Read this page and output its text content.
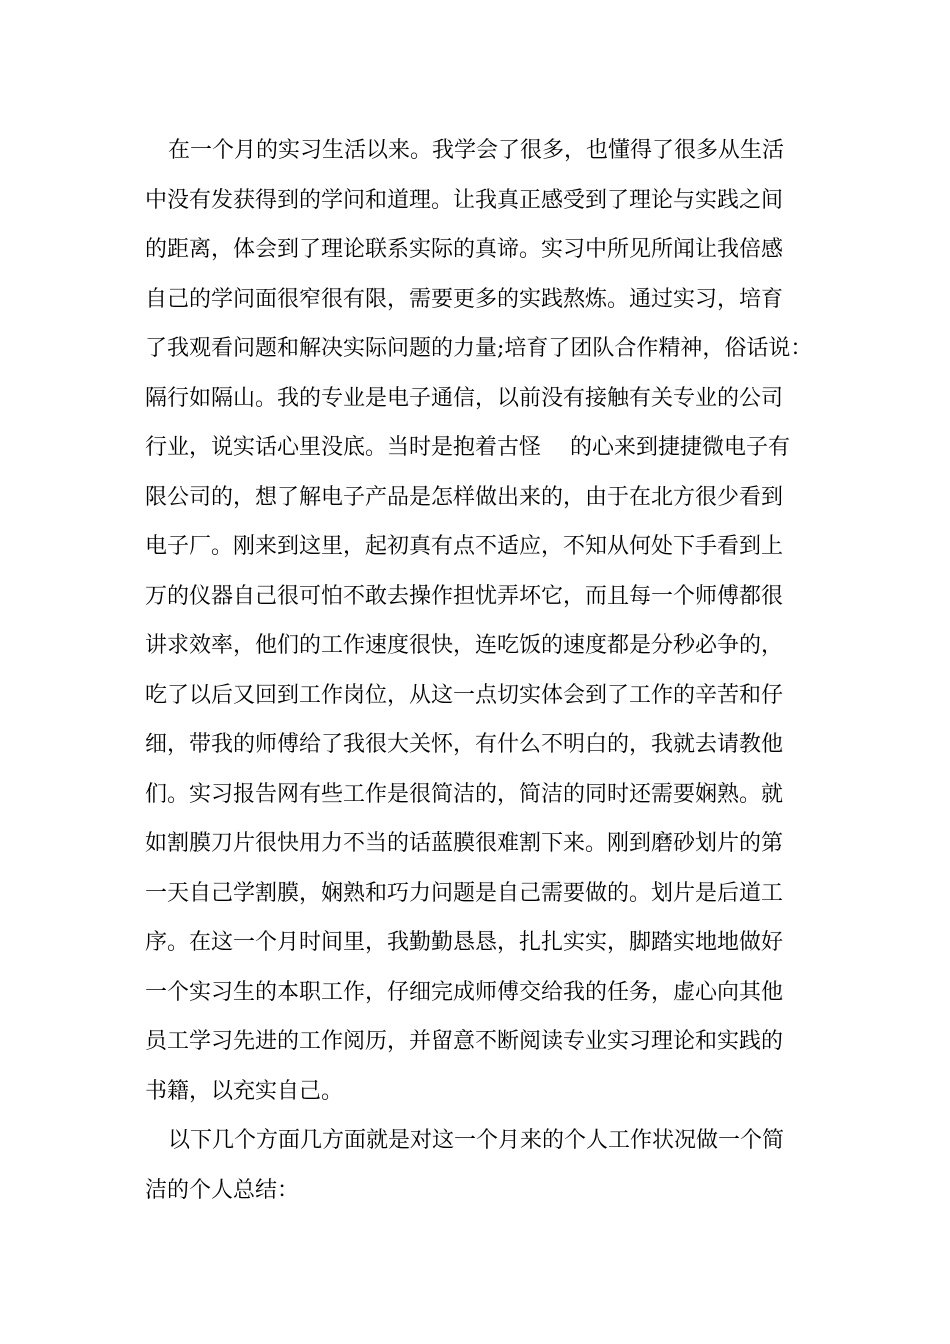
在一个月的实习生活以来。我学会了很多，也懂得了很多从生活
中没有发获得到的学问和道理。让我真正感受到了理论与实践之间
的距离，体会到了理论联系实际的真谛。实习中所见所闻让我倍感
自己的学问面很窄很有限，需要更多的实践熬炼。通过实习，培育
了我观看问题和解决实际问题的力量;培育了团队合作精神，俗话说：
隔行如隔山。我的专业是电子通信，以前没有接触有关专业的公司
行业，说实话心里没底。当时是抱着古怪　 的心来到捷捷微电子有
限公司的，想了解电子产品是怎样做出来的，由于在北方很少看到
电子厂。刚来到这里，起初真有点不适应，不知从何处下手看到上
万的仪器自己很可怕不敢去操作担忧弄坏它，而且每一个师傅都很
讲求效率，他们的工作速度很快，连吃饭的速度都是分秒必争的，
吃了以后又回到工作岗位，从这一点切实体会到了工作的辛苦和仔
细，带我的师傅给了我很大关怀，有什么不明白的，我就去请教他
们。实习报告网有些工作是很简洁的，简洁的同时还需要娴熟。就
如割膜刀片很快用力不当的话蓝膜很难割下来。刚到磨砂划片的第
一天自己学割膜，娴熟和巧力问题是自己需要做的。划片是后道工
序。在这一个月时间里，我勤勤恳恳，扎扎实实，脚踏实地地做好
一个实习生的本职工作，仔细完成师傅交给我的任务，虚心向其他
员工学习先进的工作阅历，并留意不断阅读专业实习理论和实践的
书籍，以充实自己。
以下几个方面几方面就是对这一个月来的个人工作状况做一个简
洁的个人总结：
